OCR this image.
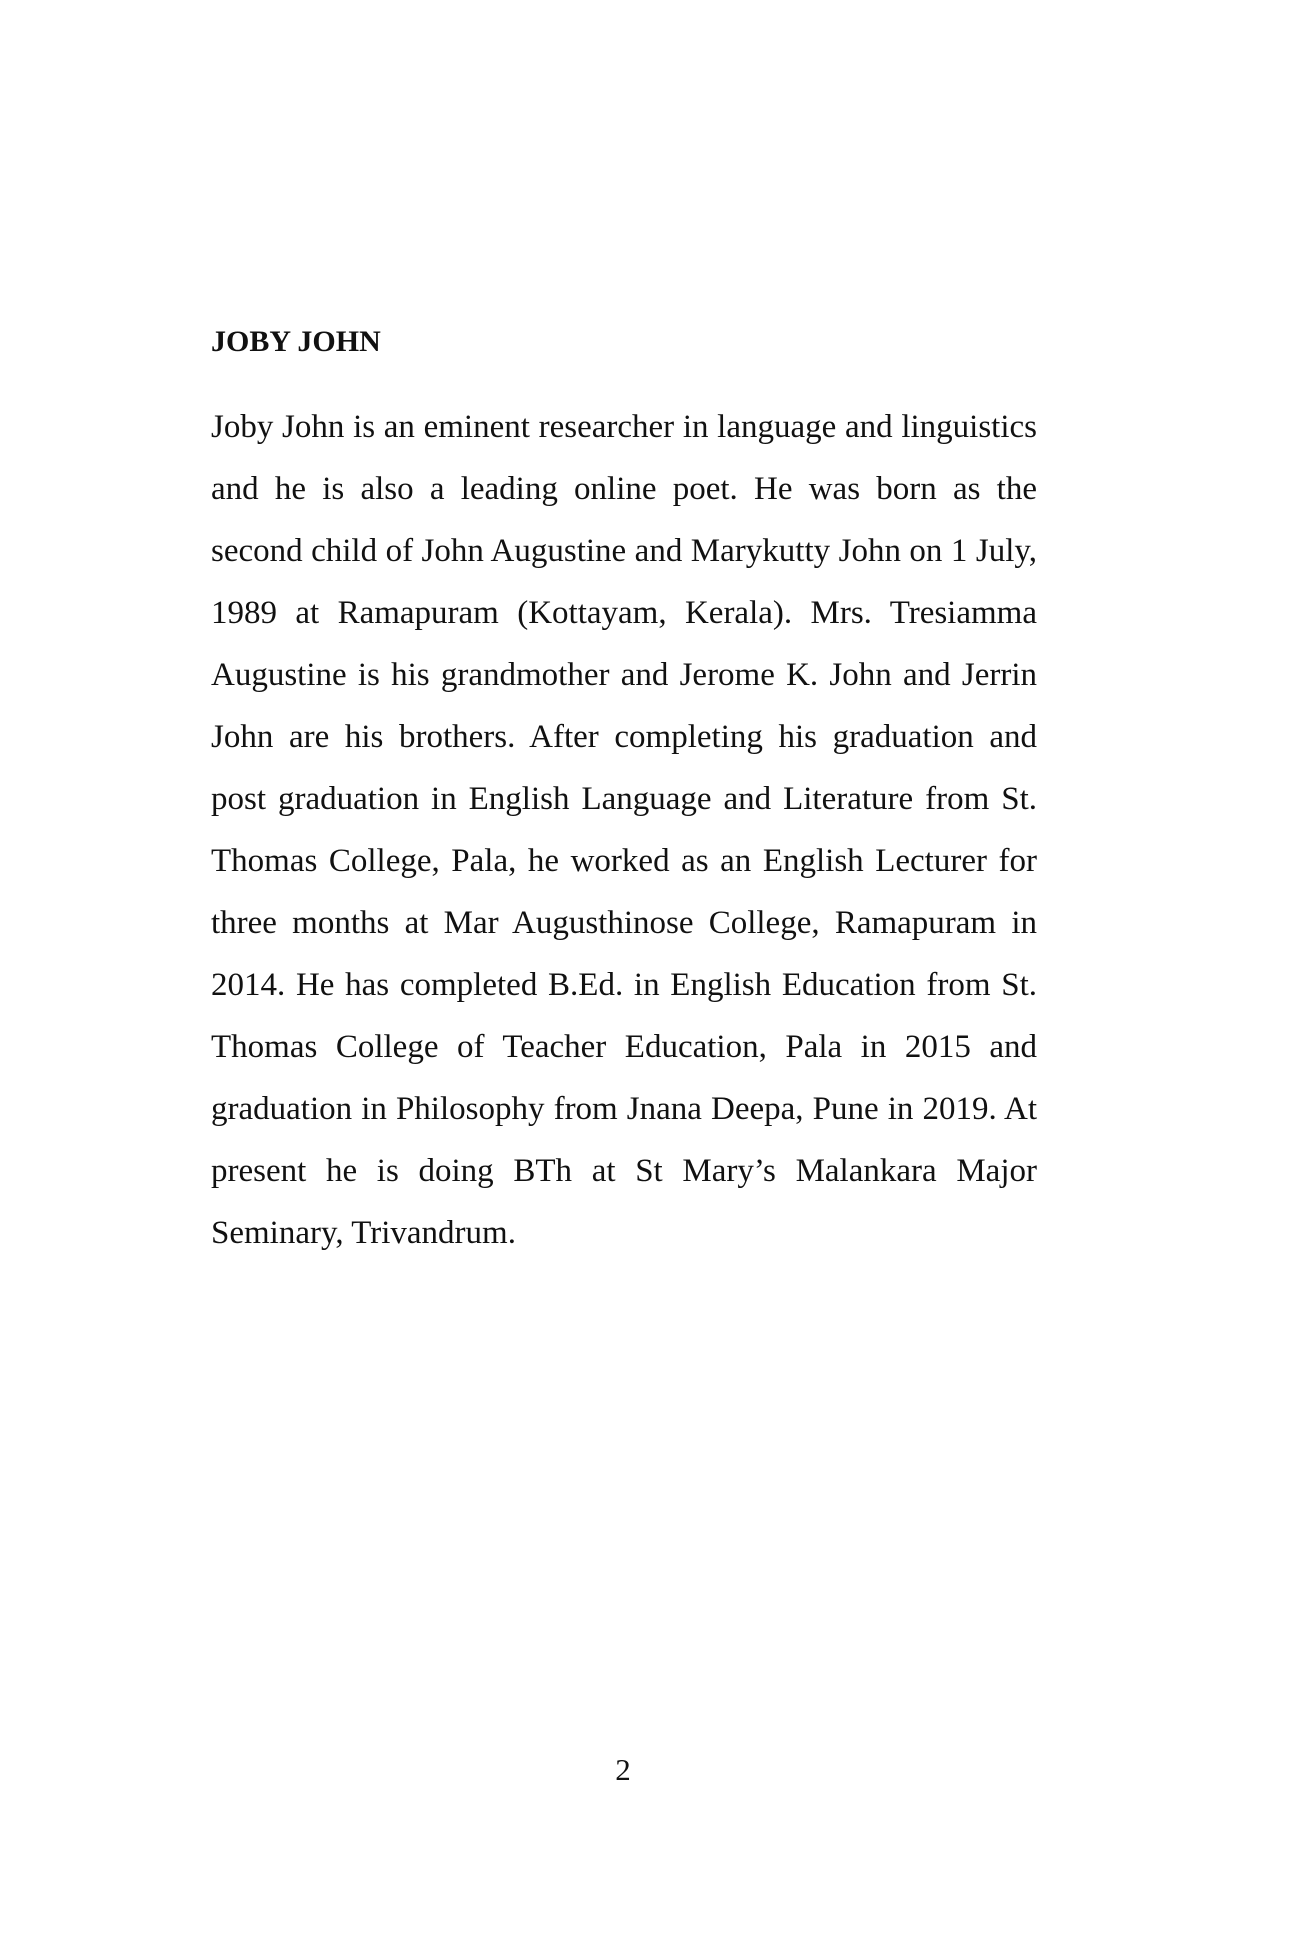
JOBY JOHN

Joby John is an eminent researcher in language and linguistics and he is also a leading online poet. He was born as the second child of John Augustine and Marykutty John on 1 July, 1989 at Ramapuram (Kottayam, Kerala). Mrs. Tresiamma Augustine is his grandmother and Jerome K. John and Jerrin John are his brothers. After completing his graduation and post graduation in English Language and Literature from St. Thomas College, Pala, he worked as an English Lecturer for three months at Mar Augusthinose College, Ramapuram in 2014. He has completed B.Ed. in English Education from St. Thomas College of Teacher Education, Pala in 2015 and graduation in Philosophy from Jnana Deepa, Pune in 2019. At present he is doing BTh at St Mary’s Malankara Major Seminary, Trivandrum.

2
